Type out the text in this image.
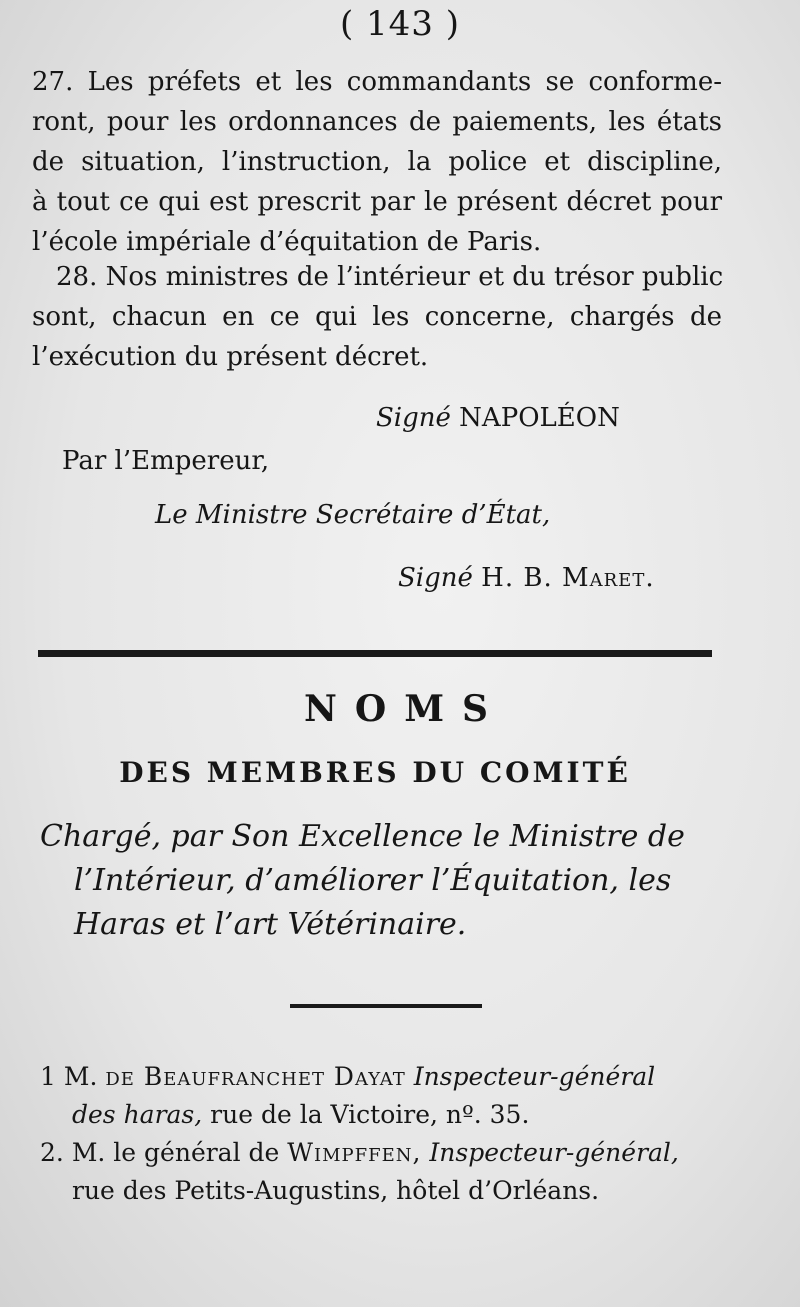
( 143 )
27. Les préfets et les commandants se conforme-
ront, pour les ordonnances de paiements, les états
de situation, l’instruction, la police et discipline,
à tout ce qui est prescrit par le présent décret pour
l’école impériale d’équitation de Paris.
28. Nos ministres de l’intérieur et du trésor public
sont, chacun en ce qui les concerne, chargés de
l’exécution du présent décret.
Signé NAPOLÉON
Par l’Empereur,
Le Ministre Secrétaire d’État,
Signé H. B. Maret.
NOMS
DES MEMBRES DU COMITÉ
Chargé, par Son Excellence le Ministre de
l’Intérieur, d’améliorer l’Équitation, les
Haras et l’art Vétérinaire.
1 M. de Beaufranchet Dayat Inspecteur-général
des haras, rue de la Victoire, nº. 35.
2. M. le général de Wimpffen, Inspecteur-général,
rue des Petits-Augustins, hôtel d’Orléans.
